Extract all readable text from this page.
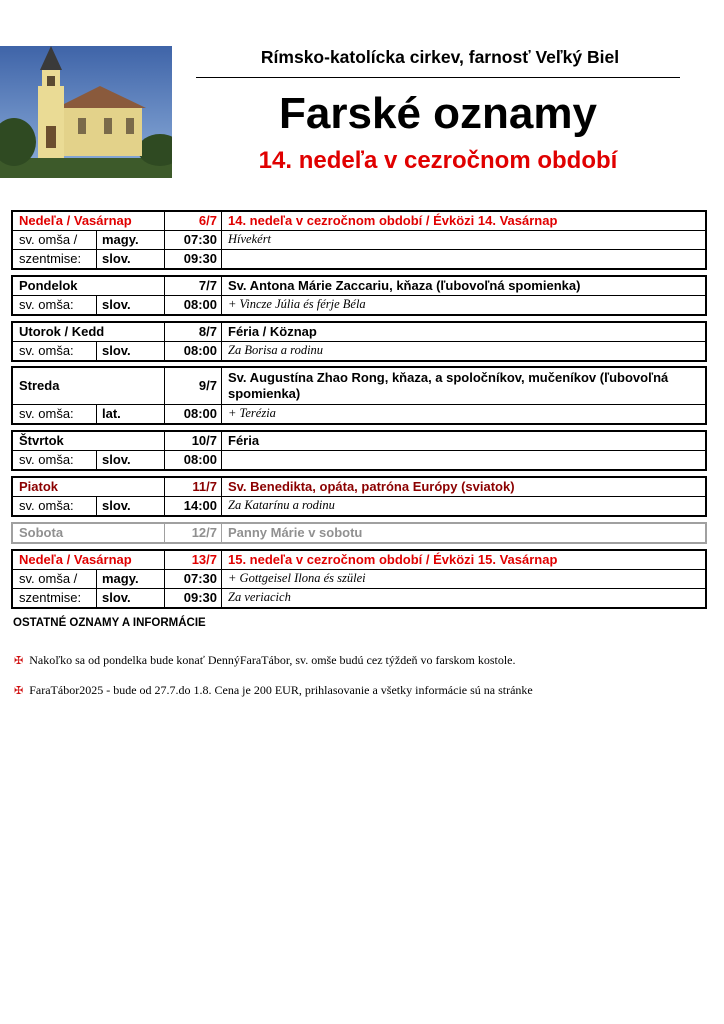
Rímsko-katolícka cirkev, farnosť Veľký Biel
Farské oznamy
14. nedeľa v cezročnom období
Nedeľa / Vasárnap	6/7 14. nedeľa v cezročnom období / Évközi 14. Vasárnap
sv. omša /	magy.	07:30 Hívekért
szentmise:	slov.	09:30
Pondelok	7/7 Sv. Antona Márie Zaccariu, kňaza (ľubovoľná spomienka)
sv. omša:	slov.	08:00 + Vincze Júlia és férje Béla
Utorok / Kedd	8/7 Féria / Köznap
sv. omša:	slov.	08:00 Za Borisa a rodinu
Streda	9/7
Sv. Augustína Zhao Rong, kňaza, a spoločníkov, mučeníkov (ľubovoľná spomienka)
sv. omša:	lat.	08:00 + Terézia
Štvrtok	10/7 Féria
sv. omša:	slov.	08:00
Piatok	11/7 Sv. Benedikta, opáta, patróna Európy (sviatok)
sv. omša:	slov.	14:00 Za Katarínu a rodinu
Sobota	12/7 Panny Márie v sobotu
Nedeľa / Vasárnap	13/7 15. nedeľa v cezročnom období / Évközi 15. Vasárnap
sv. omša /	magy.	07:30 + Gottgeisel Ilona és szülei
szentmise:	slov.	09:30 Za veriacich
OSTATNÉ OZNAMY A INFORMÁCIE
✠ Nakoľko sa od pondelka bude konať DennýFaraTábor, sv. omše budú cez týždeň vo farskom kostole.
✠ FaraTábor2025 - bude od 27.7.do 1.8. Cena je 200 EUR, prihlasovanie a všetky informácie sú na stránke
